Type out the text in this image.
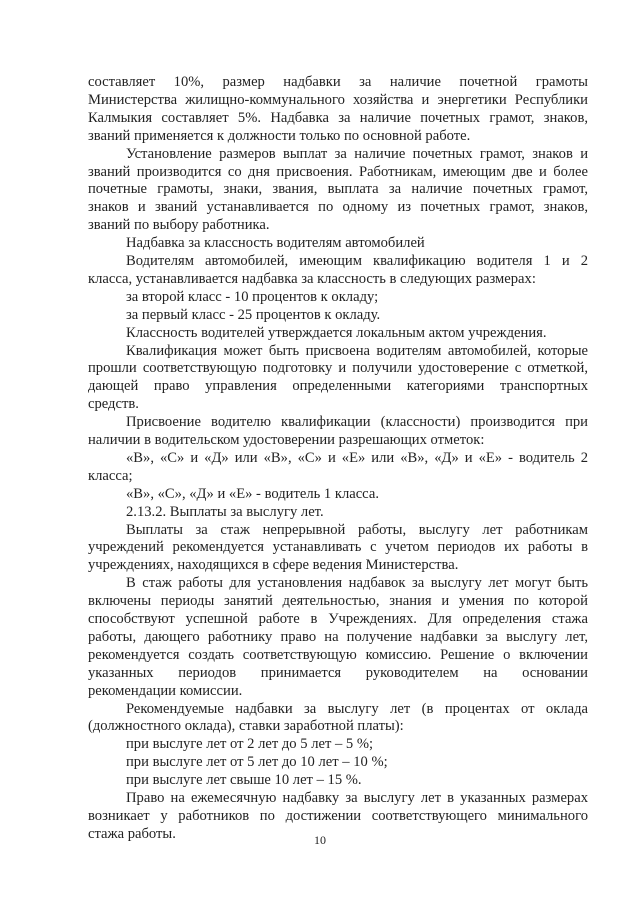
составляет 10%, размер надбавки за наличие почетной грамоты
Министерства жилищно-коммунального хозяйства и энергетики Республики
Калмыкия составляет 5%. Надбавка за наличие почетных грамот, знаков,
званий применяется к должности только по основной работе.
Установление размеров выплат за наличие почетных грамот, знаков и
званий производится со дня присвоения. Работникам, имеющим две и более
почетные грамоты, знаки, звания, выплата за наличие почетных грамот,
знаков и званий устанавливается по одному из почетных грамот, знаков,
званий по выбору работника.
Надбавка за классность водителям автомобилей
Водителям автомобилей, имеющим квалификацию водителя 1 и 2
класса, устанавливается надбавка за классность в следующих размерах:
за второй класс - 10 процентов к окладу;
за первый класс - 25 процентов к окладу.
Классность водителей утверждается локальным актом учреждения.
Квалификация может быть присвоена водителям автомобилей, которые
прошли соответствующую подготовку и получили удостоверение с отметкой,
дающей право управления определенными категориями транспортных
средств.
Присвоение водителю квалификации (классности) производится при
наличии в водительском удостоверении разрешающих отметок:
«В», «С» и «Д» или «В», «С» и «Е» или «В», «Д» и «Е» - водитель 2
класса;
«В», «С», «Д» и «Е» - водитель 1 класса.
2.13.2. Выплаты за выслугу лет.
Выплаты за стаж непрерывной работы, выслугу лет работникам
учреждений рекомендуется устанавливать с учетом периодов их работы в
учреждениях, находящихся в сфере ведения Министерства.
В стаж работы для установления надбавок за выслугу лет могут быть
включены периоды занятий деятельностью, знания и умения по которой
способствуют успешной работе в Учреждениях. Для определения стажа
работы, дающего работнику право на получение надбавки за выслугу лет,
рекомендуется создать соответствующую комиссию. Решение о включении
указанных периодов принимается руководителем на основании
рекомендации комиссии.
Рекомендуемые надбавки за выслугу лет (в процентах от оклада
(должностного оклада), ставки заработной платы):
при выслуге лет от 2 лет до 5 лет – 5 %;
при выслуге лет от 5 лет до 10 лет – 10 %;
при выслуге лет свыше 10 лет – 15 %.
Право на ежемесячную надбавку за выслугу лет в указанных размерах
возникает у работников по достижении соответствующего минимального
стажа работы.	10
